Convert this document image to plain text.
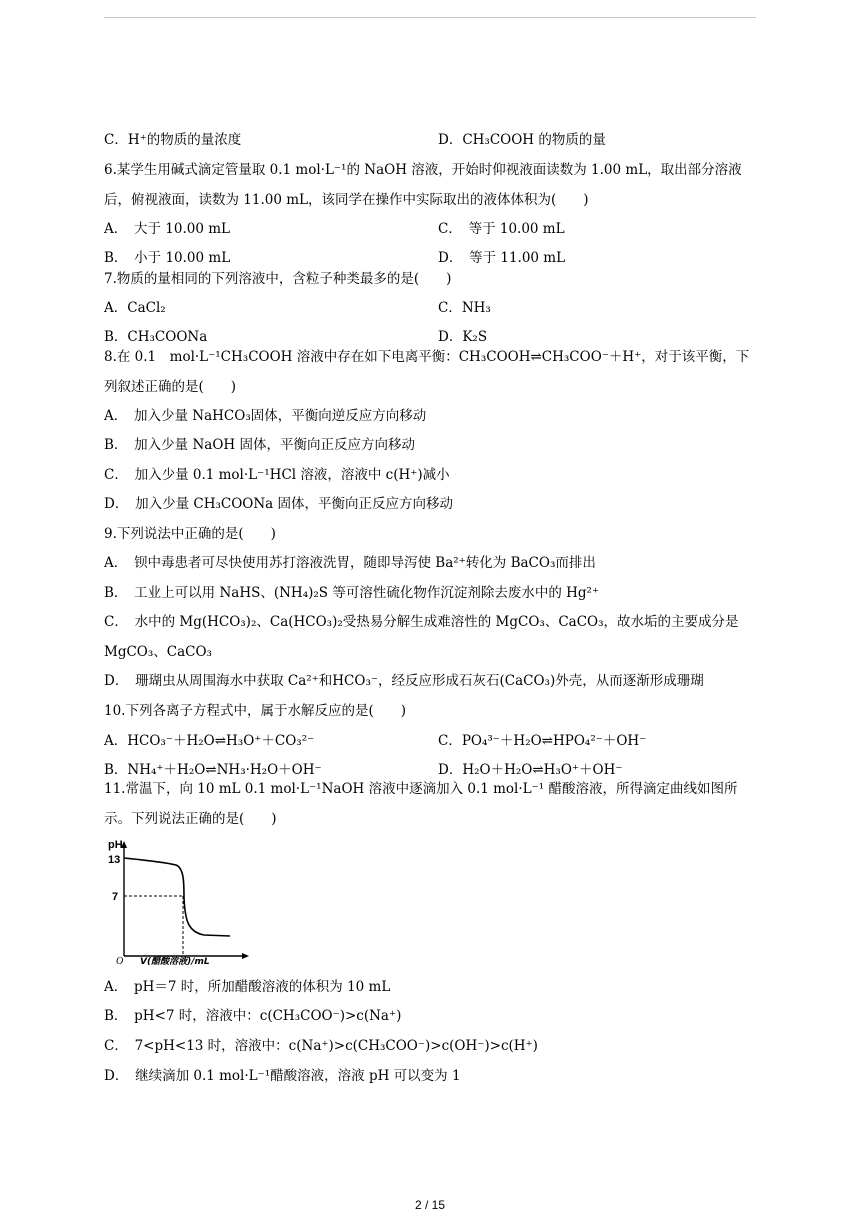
C．H⁺的物质的量浓度	D．CH₃COOH 的物质的量
6.某学生用碱式滴定管量取 0.1 mol·L⁻¹的 NaOH 溶液，开始时仰视液面读数为 1.00 mL，取出部分溶液后，俯视液面，读数为 11.00 mL，该同学在操作中实际取出的液体体积为(　　)
A．　大于 10.00 mL	C．　等于 10.00 mL
B．　小于 10.00 mL	D．　等于 11.00 mL
7.物质的量相同的下列溶液中，含粒子种类最多的是(　　)
A．CaCl₂	C．NH₃
B．CH₃COONa	D．K₂S
8.在 0.1　mol·L⁻¹CH₃COOH 溶液中存在如下电离平衡：CH₃COOH⇌CH₃COO⁻＋H⁺，对于该平衡，下列叙述正确的是(　　)
A．　加入少量 NaHCO₃固体，平衡向逆反应方向移动
B．　加入少量 NaOH 固体，平衡向正反应方向移动
C．　加入少量 0.1 mol·L⁻¹HCl 溶液，溶液中 c(H⁺)减小
D．　加入少量 CH₃COONa 固体，平衡向正反应方向移动
9.下列说法中正确的是(　　)
A．　钡中毒患者可尽快使用苏打溶液洗胃，随即导泻使 Ba²⁺转化为 BaCO₃而排出
B．　工业上可以用 NaHS、(NH₄)₂S 等可溶性硫化物作沉淀剂除去废水中的 Hg²⁺
C．　水中的 Mg(HCO₃)₂、Ca(HCO₃)₂受热易分解生成难溶性的 MgCO₃、CaCO₃，故水垢的主要成分是 MgCO₃、CaCO₃
D．　珊瑚虫从周围海水中获取 Ca²⁺和HCO₃⁻，经反应形成石灰石(CaCO₃)外壳，从而逐渐形成珊瑚
10.下列各离子方程式中，属于水解反应的是(　　)
A．HCO₃⁻＋H₂O⇌H₃O⁺＋CO₃²⁻	C．PO₄³⁻＋H₂O⇌HPO₄²⁻＋OH⁻
B．NH₄⁺＋H₂O⇌NH₃·H₂O＋OH⁻	D．H₂O＋H₂O⇌H₃O⁺＋OH⁻
11.常温下，向 10 mL 0.1 mol·L⁻¹NaOH 溶液中逐滴加入 0.1 mol·L⁻¹ 醋酸溶液，所得滴定曲线如图所示。下列说法正确的是(　　)
pH
13
7
O V(醋酸溶液)/mL
A．　pH＝7 时，所加醋酸溶液的体积为 10 mL
B．　pH<7 时，溶液中：c(CH₃COO⁻)>c(Na⁺)
C．　7<pH<13 时，溶液中：c(Na⁺)>c(CH₃COO⁻)>c(OH⁻)>c(H⁺)
D．　继续滴加 0.1 mol·L⁻¹醋酸溶液，溶液 pH 可以变为 1
2 / 15
